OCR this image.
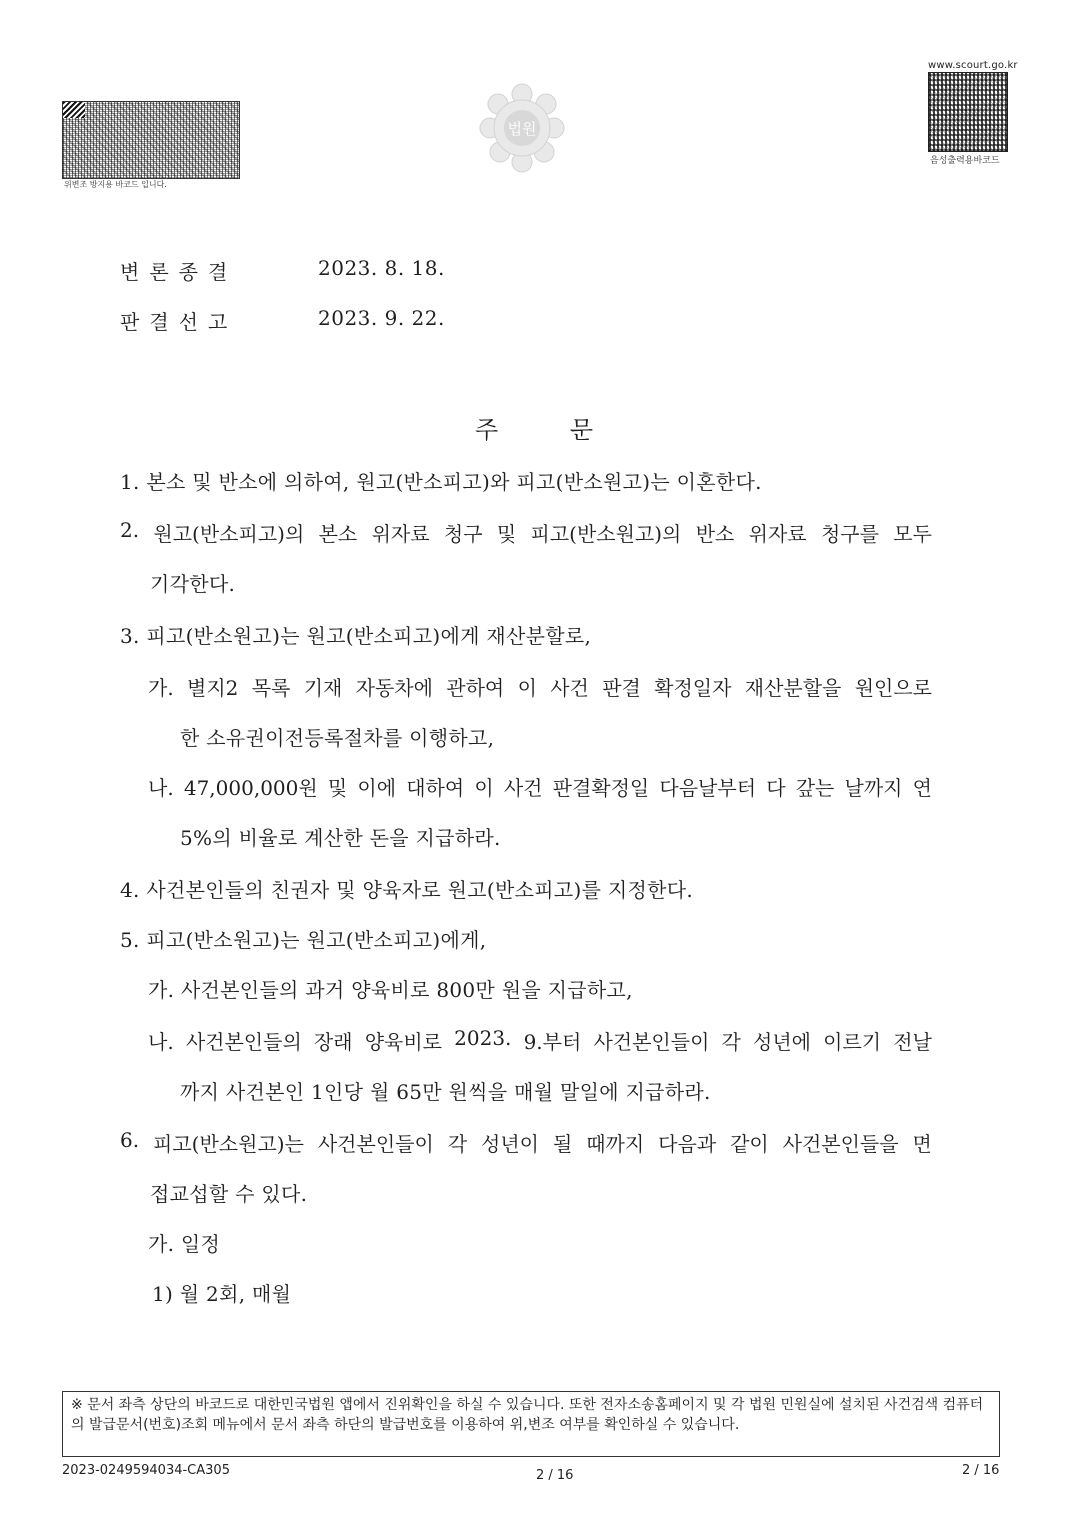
위변조 방지용 바코드 입니다.
법원
www.scourt.go.kr
음성출력용바코드
변론종결	2023. 8. 18.
판결선고	2023. 9. 22.
주 문
1. 본소 및 반소에 의하여, 원고(반소피고)와 피고(반소원고)는 이혼한다.
2. 원고(반소피고)의 본소 위자료 청구 및 피고(반소원고)의 반소 위자료 청구를 모두
기각한다.
3. 피고(반소원고)는 원고(반소피고)에게 재산분할로,
가. 별지2 목록 기재 자동차에 관하여 이 사건 판결 확정일자 재산분할을 원인으로
한 소유권이전등록절차를 이행하고,
나. 47,000,000원 및 이에 대하여 이 사건 판결확정일 다음날부터 다 갚는 날까지 연
5%의 비율로 계산한 돈을 지급하라.
4. 사건본인들의 친권자 및 양육자로 원고(반소피고)를 지정한다.
5. 피고(반소원고)는 원고(반소피고)에게,
가. 사건본인들의 과거 양육비로 800만 원을 지급하고,
나. 사건본인들의 장래 양육비로 2023. 9.부터 사건본인들이 각 성년에 이르기 전날
까지 사건본인 1인당 월 65만 원씩을 매월 말일에 지급하라.
6. 피고(반소원고)는 사건본인들이 각 성년이 될 때까지 다음과 같이 사건본인들을 면
접교섭할 수 있다.
가. 일정
1) 월 2회, 매월
※ 문서 좌측 상단의 바코드로 대한민국법원 앱에서 진위확인을 하실 수 있습니다. 또한 전자소송홈페이지 및 각 법원 민원실에 설치된 사건검색 컴퓨터의 발급문서(번호)조회 메뉴에서 문서 좌측 하단의 발급번호를 이용하여 위,변조 여부를 확인하실 수 있습니다.
2023-0249594034-CA305	2 / 16	2 / 16
